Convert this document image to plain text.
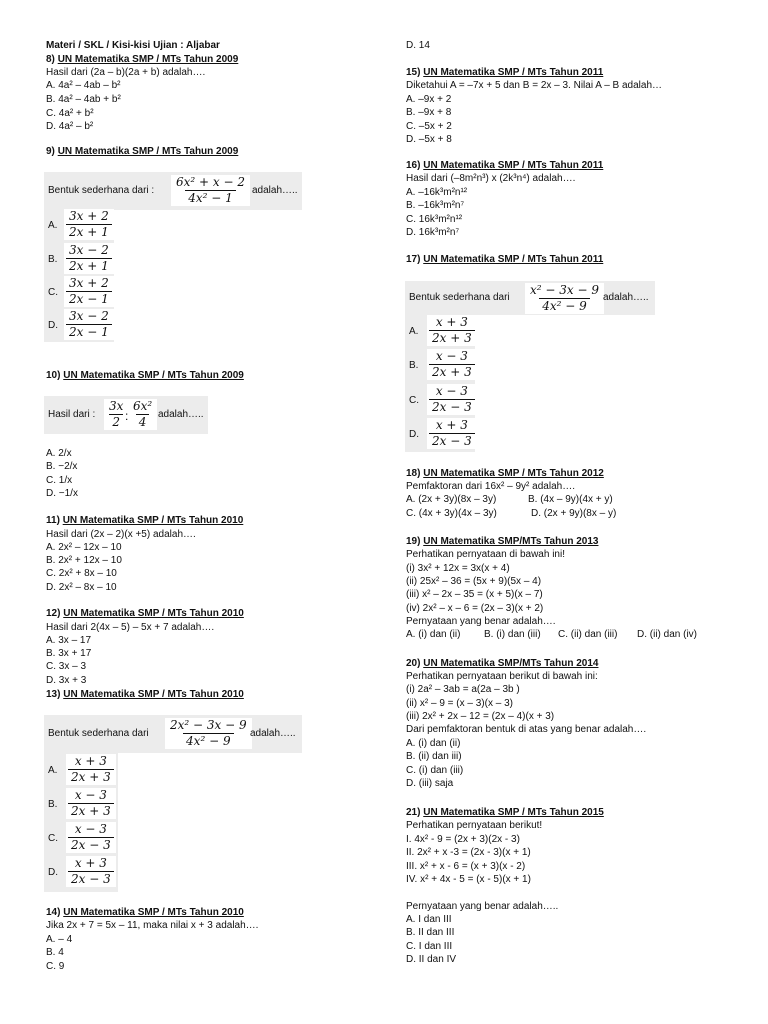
Materi / SKL / Kisi-kisi Ujian : Aljabar
8) UN Matematika SMP / MTs Tahun 2009
Hasil dari (2a – b)(2a + b) adalah….
A. 4a² – 4ab – b²
B. 4a² – 4ab + b²
C. 4a² + b²
D. 4a² – b²
9) UN Matematika SMP / MTs Tahun 2009
Bentuk sederhana dari : $\frac{\text{6x² + x − 2}}{\text{4x² − 1}}$ adalah…..
A. $\frac{3x + 2}{2x + 1}$
B. $\frac{3x - 2}{2x + 1}$
C. $\frac{3x + 2}{2x - 1}$
D. $\frac{3x - 2}{2x - 1}$
10) UN Matematika SMP / MTs Tahun 2009
Hasil dari : $\frac{3x}{2}$
: $\frac{\text{6x²}}{4}$ adalah…..
A. 2/x
B. −2/x
C. 1/x
D. −1/x
11) UN Matematika SMP / MTs Tahun 2010
Hasil dari (2x – 2)(x +5) adalah….
A. 2x² – 12x – 10
B. 2x² + 12x – 10
C. 2x² + 8x – 10
D. 2x² – 8x – 10
12) UN Matematika SMP / MTs Tahun 2010
Hasil dari 2(4x – 5) – 5x + 7 adalah….
A. 3x – 17
B. 3x + 17
C. 3x – 3
D. 3x + 3
13) UN Matematika SMP / MTs Tahun 2010
Bentuk sederhana dari $\frac{\text{2x² − 3x − 9}}{\text{4x² − 9}}$
adalah…..
A. $\frac{x + 3}{2x + 3}$
B. $\frac{x - 3}{2x + 3}$
C. $\frac{x - 3}{2x - 3}$
D. $\frac{x + 3}{2x - 3}$
14) UN Matematika SMP / MTs Tahun 2010
Jika 2x + 7 = 5x – 11, maka nilai x + 3 adalah….
A. – 4
B. 4
C. 9
D. 14
15) UN Matematika SMP / MTs Tahun 2011
Diketahui A = –7x + 5 dan B = 2x – 3. Nilai A – B adalah…
A. –9x + 2
B. –9x + 8
C. –5x + 2
D. –5x + 8
16) UN Matematika SMP / MTs Tahun 2011
Hasil dari (–8m²n³) x (2k³n⁴) adalah….
A. –16k³m²n¹²
B. –16k³m²n⁷
C. 16k³m²n¹²
D. 16k³m²n⁷
17) UN Matematika SMP / MTs Tahun 2011
Bentuk sederhana dari $\frac{\text{x² − 3x − 9}}{\text{4x² − 9}}$ adalah…..
A. $\frac{x + 3}{2x + 3}$
B. $\frac{x - 3}{2x + 3}$
C. $\frac{x - 3}{2x - 3}$
D. $\frac{x + 3}{2x - 3}$
18) UN Matematika SMP / MTs Tahun 2012
Pemfaktoran dari 16x² – 9y² adalah….
A. (2x + 3y)(8x – 3y)	B. (4x – 9y)(4x + y)
C. (4x + 3y)(4x – 3y)	D. (2x + 9y)(8x – y)
19) UN Matematika SMP/MTs Tahun 2013
Perhatikan pernyataan di bawah ini!
(i) 3x² + 12x = 3x(x + 4)
(ii) 25x² – 36 = (5x + 9)(5x – 4)
(iii) x² – 2x – 35 = (x + 5)(x – 7)
(iv) 2x² – x – 6 = (2x – 3)(x + 2)
Pernyataan yang benar adalah….
A. (i) dan (ii) B. (i) dan (iii) C. (ii) dan (iii) D. (ii) dan (iv)
20) UN Matematika SMP/MTs Tahun 2014
Perhatikan pernyataan berikut di bawah ini:
(i) 2a² – 3ab = a(2a – 3b )
(ii) x² – 9 = (x – 3)(x – 3)
(iii) 2x² + 2x – 12 = (2x – 4)(x + 3)
Dari pemfaktoran bentuk di atas yang benar adalah….
A. (i) dan (ii)
B. (ii) dan iii)
C. (i) dan (iii)
D. (iii) saja
21) UN Matematika SMP / MTs Tahun 2015
Perhatikan pernyataan berikut!
I. 4x² - 9 = (2x + 3)(2x - 3)
II. 2x² + x -3 = (2x - 3)(x + 1)
III. x² + x - 6 = (x + 3)(x - 2)
IV. x² + 4x - 5 = (x - 5)(x + 1)
Pernyataan yang benar adalah…..
A. I dan III
B. II dan III
C. I dan III
D. II dan IV
